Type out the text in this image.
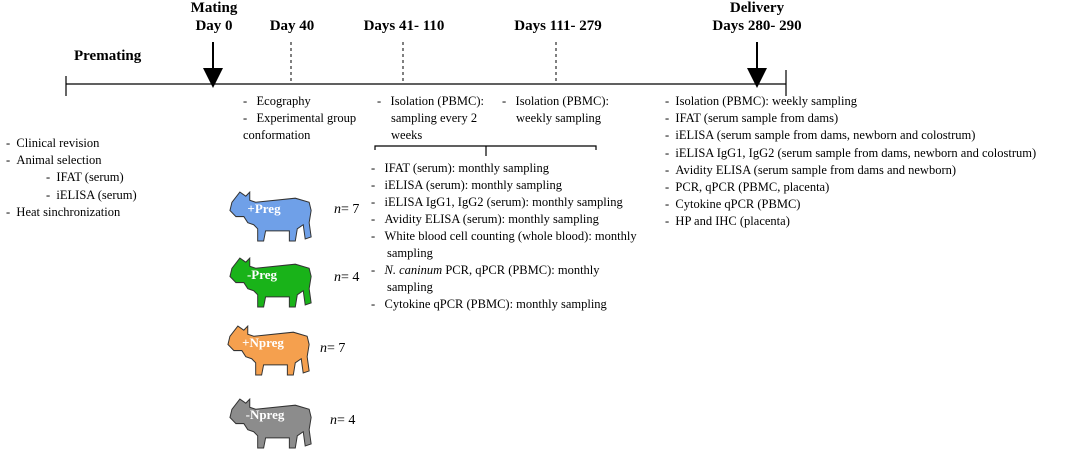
Premating
Mating
Day 0	Day 40	Days 41- 110	Days 111- 279
Delivery
Days 280- 290
-  Clinical revision
-  Animal selection
-  IFAT (serum)
-  iELISA (serum)
-  Heat sinchronization
-   Ecography
-   Experimental group
conformation
-   Isolation (PBMC):
sampling every 2
weeks
-   Isolation (PBMC):
weekly sampling
-   IFAT (serum): monthly sampling
-   iELISA (serum): monthly sampling
-   iELISA IgG1, IgG2 (serum): monthly sampling
-   Avidity ELISA (serum): monthly sampling
-   White blood cell counting (whole blood): monthly
sampling
-   N. caninum PCR, qPCR (PBMC): monthly
sampling
-   Cytokine qPCR (PBMC): monthly sampling
-  Isolation (PBMC): weekly sampling
-  IFAT (serum sample from dams)
-  iELISA (serum sample from dams, newborn and colostrum)
-  iELISA IgG1, IgG2 (serum sample from dams, newborn and colostrum)
-  Avidity ELISA (serum sample from dams and newborn)
-  PCR, qPCR (PBMC, placenta)
-  Cytokine qPCR (PBMC)
-  HP and IHC (placenta)
+Preg	n= 7
-Preg	n= 4
+Npreg	n= 7
-Npreg	n= 4
